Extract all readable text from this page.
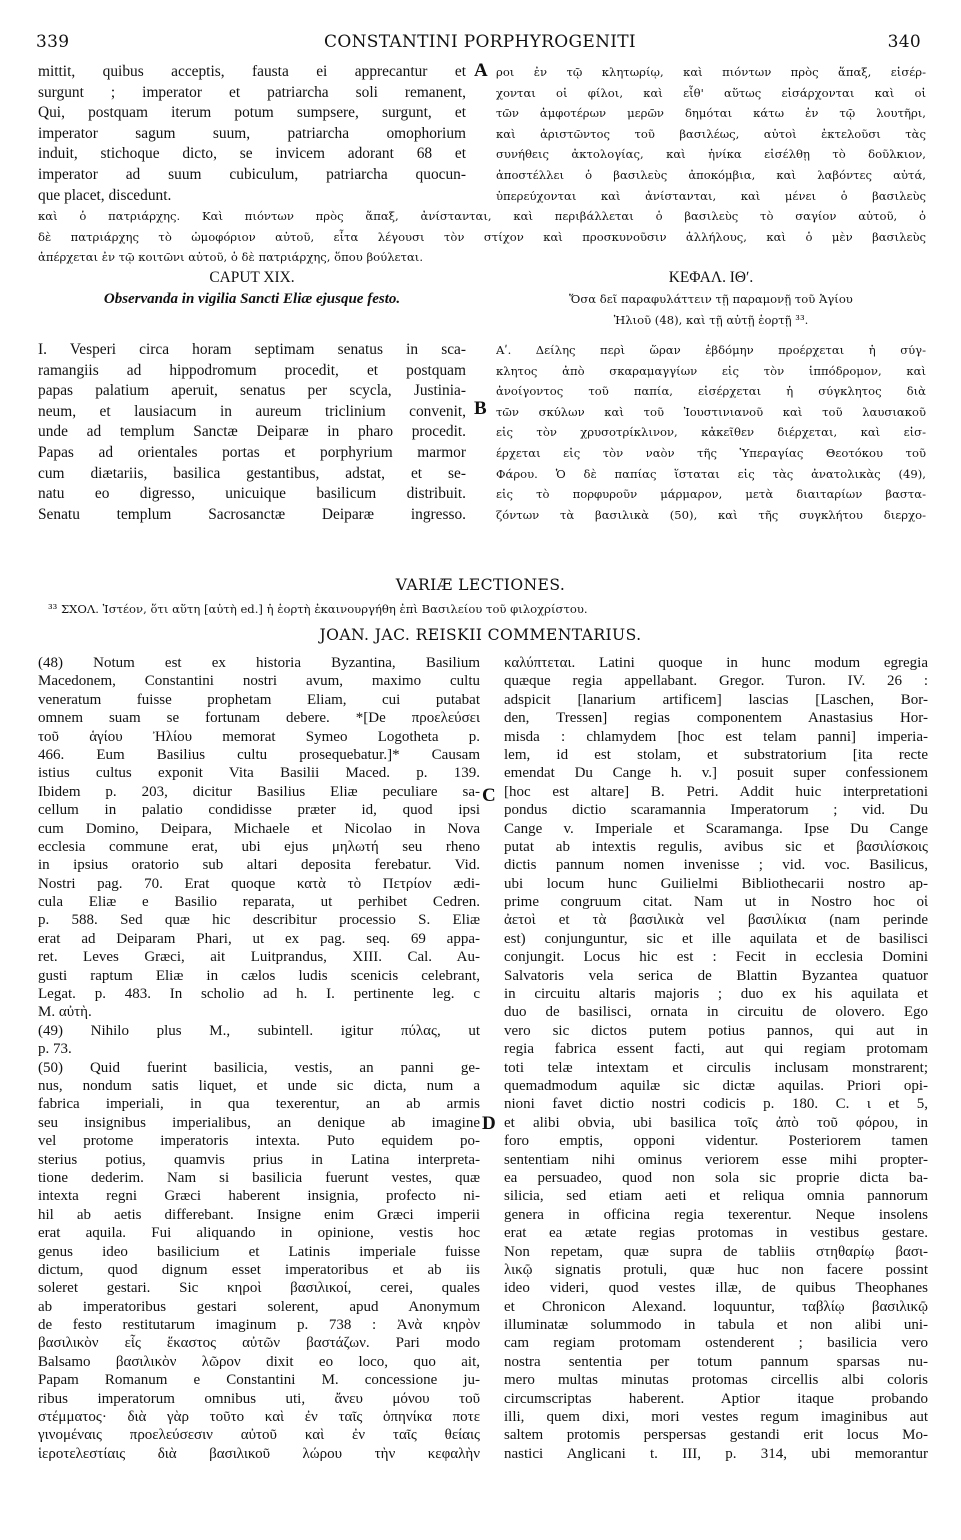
339	CONSTANTINI PORPHYROGENITI	340
mittit, quibus acceptis, fausta ei apprecantur et
surgunt ; imperator et patriarcha soli remanent,
Qui, postquam iterum potum sumpsere, surgunt, et
imperator sagum suum, patriarcha omophorium
induit, stichoque dicto, se invicem adorant 68 et
imperator ad suum cubiculum, patriarcha quocun-
que placet, discedunt.
A ροι ἐν τῷ κλητωρίῳ, καὶ πιόντων πρὸς ἅπαξ, εἰσέρ-
χονται οἱ φίλοι, καὶ εἶθ' αὕτως εἰσάρχονται καὶ οἱ
τῶν ἀμφοτέρων μερῶν δημόται κάτω ἐν τῷ λουτῆρι,
καὶ ἀριστῶντος τοῦ βασιλέως, αὐτοὶ ἐκτελοῦσι τὰς
συνήθεις ἀκτολογίας, καὶ ἡνίκα εἰσέλθῃ τὸ δοῦλκιον,
ἀποστέλλει ὁ βασιλεὺς ἀποκόμβια, καὶ λαβόντες αὐτά,
ὑπερεύχονται καὶ ἀνίστανται, καὶ μένει ὁ βασιλεὺς
καὶ ὁ πατριάρχης. Καὶ πιόντων πρὸς ἅπαξ, ἀνίστανται, καὶ περιβάλλεται ὁ βασιλεὺς τὸ σαγίον αὐτοῦ, ὁ
δὲ πατριάρχης τὸ ὠμοφόριον αὐτοῦ, εἶτα λέγουσι τὸν στίχον καὶ προσκυνοῦσιν ἀλλήλους, καὶ ὁ μὲν βασιλεὺς
ἀπέρχεται ἐν τῷ κοιτῶνι αὐτοῦ, ὁ δὲ πατριάρχης, ὅπου βούλεται.
CAPUT XIX.
Observanda in vigilia Sancti Eliæ ejusque festo.
ΚΕΦΑΛ. ΙΘʹ.
Ὅσα δεῖ παραφυλάττειν τῇ παραμονῇ τοῦ Ἁγίου
Ἡλιοῦ (48), καὶ τῇ αὐτῇ ἑορτῇ ³³.
I. Vesperi circa horam septimam senatus in sca-
ramangiis ad hippodromum procedit, et postquam
papas palatium aperuit, senatus per scycla, Justinia-
neum, et lausiacum in aureum triclinium convenit,
unde ad templum Sanctæ Deiparæ in pharo procedit.
Papas ad orientales portas et porphyrium marmor
cum diætariis, basilica gestantibus, adstat, et se-
natu eo digresso, unicuique basilicum distribuit.
Senatu templum Sacrosanctæ Deiparæ ingresso.
B
Αʹ. Δείλης περὶ ὥραν ἑβδόμην προέρχεται ἡ σύγ-
κλητος ἀπὸ σκαραμαγγίων εἰς τὸν ἱππόδρομον, καὶ
ἀνοίγοντος τοῦ παπία, εἰσέρχεται ἡ σύγκλητος διὰ
τῶν σκύλων καὶ τοῦ Ἰουστινιανοῦ καὶ τοῦ λαυσιακοῦ
εἰς τὸν χρυσοτρίκλινον, κἀκεῖθεν διέρχεται, καὶ εἰσ-
έρχεται εἰς τὸν ναὸν τῆς Ὑπεραγίας Θεοτόκου τοῦ
Φάρου. Ὁ δὲ παπίας ἵσταται εἰς τὰς ἀνατολικὰς (49),
εἰς τὸ πορφυροῦν μάρμαρον, μετὰ διαιταρίων βαστα-
ζόντων τὰ βασιλικὰ (50), καὶ τῆς συγκλήτου διερχο-
VARIÆ LECTIONES.
³³ ΣΧΟΛ. Ἰστέον, ὅτι αὕτη [αὐτὴ ed.] ἡ ἑορτὴ ἐκαινουργήθη ἐπὶ Βασιλείου τοῦ φιλοχρίστου.
JOAN. JAC. REISKII COMMENTARIUS.
(48) Notum est ex historia Byzantina, Basilium
Macedonem, Constantini nostri avum, maximo cultu
veneratum fuisse prophetam Eliam, cui putabat
omnem suam se fortunam debere. *[De προελεύσει
τοῦ ἁγίου Ἠλίου memorat Symeo Logotheta p.
466. Eum Basilius cultu prosequebatur.]* Causam
istius cultus exponit Vita Basilii Maced. p. 139.
Ibidem p. 203, dicitur Basilius Eliæ peculiare sa-
cellum in palatio condidisse præter id, quod ipsi
cum Domino, Deipara, Michaele et Nicolao in Nova
ecclesia commune erat, ubi ejus μηλωτή seu rheno
in ipsius oratorio sub altari deposita ferebatur. Vid.
Nostri pag. 70. Erat quoque κατὰ τὸ Πετρίον ædi-
cula Eliæ e Basilio reparata, ut perhibet Cedren.
p. 588. Sed quæ hic describitur processio S. Eliæ
erat ad Deiparam Phari, ut ex pag. seq. 69 appa-
ret. Leves Græci, ait Luitprandus, XIII. Cal. Au-
gusti raptum Eliæ in cælos ludis scenicis celebrant,
Legat. p. 483. In scholio ad h. I. pertinente leg. c
M. αὐτὴ.
(49) Nihilo plus M., subintell. igitur πύλας, ut
p. 73.
(50) Quid fuerint basilicia, vestis, an panni ge-
nus, nondum satis liquet, et unde sic dicta, num a
fabrica imperiali, in qua texerentur, an ab armis
seu insignibus imperialibus, an denique ab imagine
vel protome imperatoris intexta. Puto equidem po-
sterius potius, quamvis prius in Latina interpreta-
tione dederim. Nam si basilicia fuerunt vestes, quæ
intexta regni Græci haberent insignia, profecto ni-
hil ab aetis differebant. Insigne enim Græci imperii
erat aquila. Fui aliquando in opinione, vestis hoc
genus ideo basilicium et Latinis imperiale fuisse
dictum, quod dignum esset imperatoribus et ab iis
soleret gestari. Sic κηροὶ βασιλικοί, cerei, quales
ab imperatoribus gestari solerent, apud Anonymum
de festo restitutarum imaginum p. 738 : Ἀνὰ κηρὸν
βασιλικὸν εἷς ἕκαστος αὐτῶν βαστάζων. Pari modo
Balsamo βασιλικὸν λῶρον dixit eo loco, quo ait,
Papam Romanum e Constantini M. concessione ju-
ribus imperatorum omnibus uti, ἄνευ μόνου τοῦ
στέμματος· διὰ γὰρ τοῦτο καὶ ἐν ταῖς ὁπηνίκα ποτε
γινομέναις προελεύσεσιν αὐτοῦ καὶ ἐν ταῖς θείαις
ἱεροτελεστίαις διὰ βασιλικοῦ λώρου τὴν κεφαλὴν
C
D
καλύπτεται. Latini quoque in hunc modum egregia
quæque regia appellabant. Gregor. Turon. IV. 26 :
adspicit [lanarium artificem] lascias [Laschen, Bor-
den, Tressen] regias componentem Anastasius Hor-
misda : chlamydem [hoc est telam panni] imperia-
lem, id est stolam, et substratorium [ita recte
emendat Du Cange h. v.] posuit super confessionem
[hoc est altare] B. Petri. Addit huic interpretationi
pondus dictio scaramannia Imperatorum ; vid. Du
Cange v. Imperiale et Scaramanga. Ipse Du Cange
putat ab intextis regulis, avibus sic et βασιλίσκοις
dictis pannum nomen invenisse ; vid. voc. Basilicus,
ubi locum hunc Guilielmi Bibliothecarii nostro ap-
prime congruum citat. Nam ut in Nostro hoc οἱ
ἀετοὶ et τὰ βασιλικὰ vel βασιλίκια (nam perinde
est) conjunguntur, sic et ille aquilata et de basilisci
conjungit. Locus hic est : Fecit in ecclesia Domini
Salvatoris vela serica de Blattin Byzantea quatuor
in circuitu altaris majoris ; duo ex his aquilata et
duo de basilisci, ornata in circuitu de olovero. Ego
vero sic dictos putem potius pannos, qui aut in
regia fabrica essent facti, aut qui regiam protomam
toti telæ intextam et circulis inclusam monstrarent;
quemadmodum aquilæ sic dictæ aquilas. Priori opi-
nioni favet dictio nostri codicis p. 180. C. ι et 5,
et alibi obvia, ubi basilica τοῖς ἀπὸ τοῦ φόρου, in
foro emptis, opponi videntur. Posteriorem tamen
sententiam nihi ominus veriorem esse mihi propter-
ea persuadeo, quod non sola sic proprie dicta ba-
silicia, sed etiam aeti et reliqua omnia pannorum
genera in officina regia texerentur. Neque insolens
erat ea ætate regias protomas in vestibus gestare.
Non repetam, quæ supra de tabliis στηθαρίῳ βασι-
λικῷ signatis protuli, quæ huc non facere possint
ideo videri, quod vestes illæ, de quibus Theophanes
et Chronicon Alexand. loquuntur, ταβλίῳ βασιλικῷ
illuminatæ solummodo in tabula et non alibi uni-
cam regiam protomam ostenderent ; basilicia vero
nostra sententia per totum pannum sparsas nu-
mero multas minutas protomas circellis albi coloris
circumscriptas haberent. Aptior itaque probando
illi, quem dixi, mori vestes regum imaginibus aut
saltem protomis perspersas gestandi erit locus Mo-
nastici Anglicani t. III, p. 314, ubi memorantur
